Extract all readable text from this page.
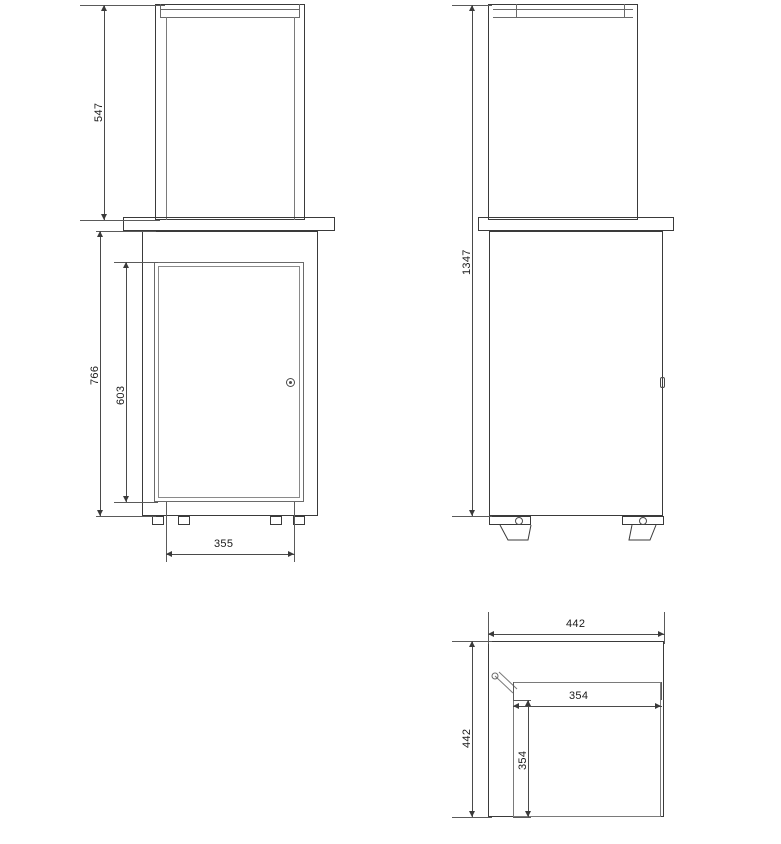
547
766
603
355
1347
442
442
354
354
